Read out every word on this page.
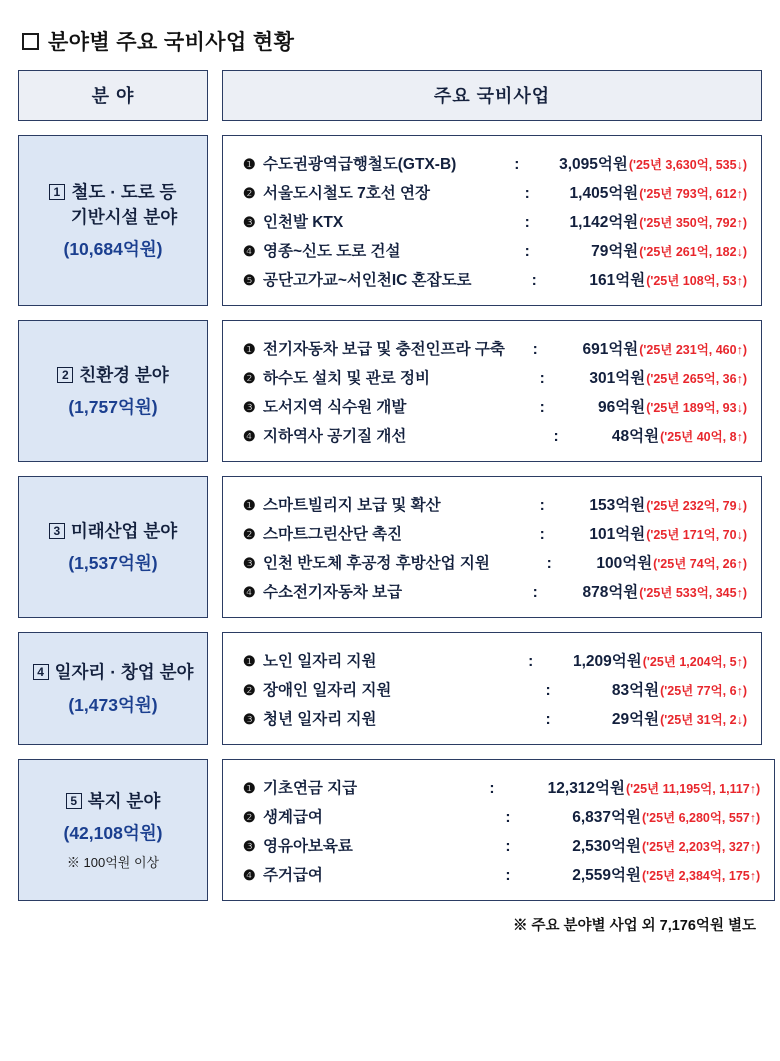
분야별 주요 국비사업 현황
분 야	주요 국비사업
1 철도 · 도로 등
기반시설 분야
(10,684억원)
❶ 수도권광역급행철도(GTX-B)	:	3,095억원 ('25년 3,630억, 535↓)
❷ 서울도시철도 7호선 연장	:	1,405억원 ('25년 793억, 612↑)
❸ 인천발 KTX	:	1,142억원 ('25년 350억, 792↑)
❹ 영종~신도 도로 건설	:	79억원 ('25년 261억, 182↓)
❺ 공단고가교~서인천IC 혼잡도로	:	161억원 ('25년 108억, 53↑)
2 친환경 분야
(1,757억원)
❶ 전기자동차 보급 및 충전인프라 구축	:	691억원 ('25년 231억, 460↑)
❷ 하수도 설치 및 관로 정비	:	301억원 ('25년 265억, 36↑)
❸ 도서지역 식수원 개발	:	96억원 ('25년 189억, 93↓)
❹ 지하역사 공기질 개선	:	48억원 ('25년 40억, 8↑)
3 미래산업 분야
(1,537억원)
❶ 스마트빌리지 보급 및 확산	:	153억원 ('25년 232억, 79↓)
❷ 스마트그린산단 촉진	:	101억원 ('25년 171억, 70↓)
❸ 인천 반도체 후공정 후방산업 지원	:	100억원 ('25년 74억, 26↑)
❹ 수소전기자동차 보급	:	878억원 ('25년 533억, 345↑)
4 일자리 · 창업 분야
(1,473억원)
❶ 노인 일자리 지원	:	1,209억원 ('25년 1,204억, 5↑)
❷ 장애인 일자리 지원	:	83억원 ('25년 77억, 6↑)
❸ 청년 일자리 지원	:	29억원 ('25년 31억, 2↓)
5 복지 분야
(42,108억원)
※ 100억원 이상
❶ 기초연금 지급	:	12,312억원 ('25년 11,195억, 1,117↑)
❷ 생계급여	:	6,837억원 ('25년 6,280억, 557↑)
❸ 영유아보육료	:	2,530억원 ('25년 2,203억, 327↑)
❹ 주거급여	:	2,559억원 ('25년 2,384억, 175↑)
※ 주요 분야별 사업 외 7,176억원 별도
